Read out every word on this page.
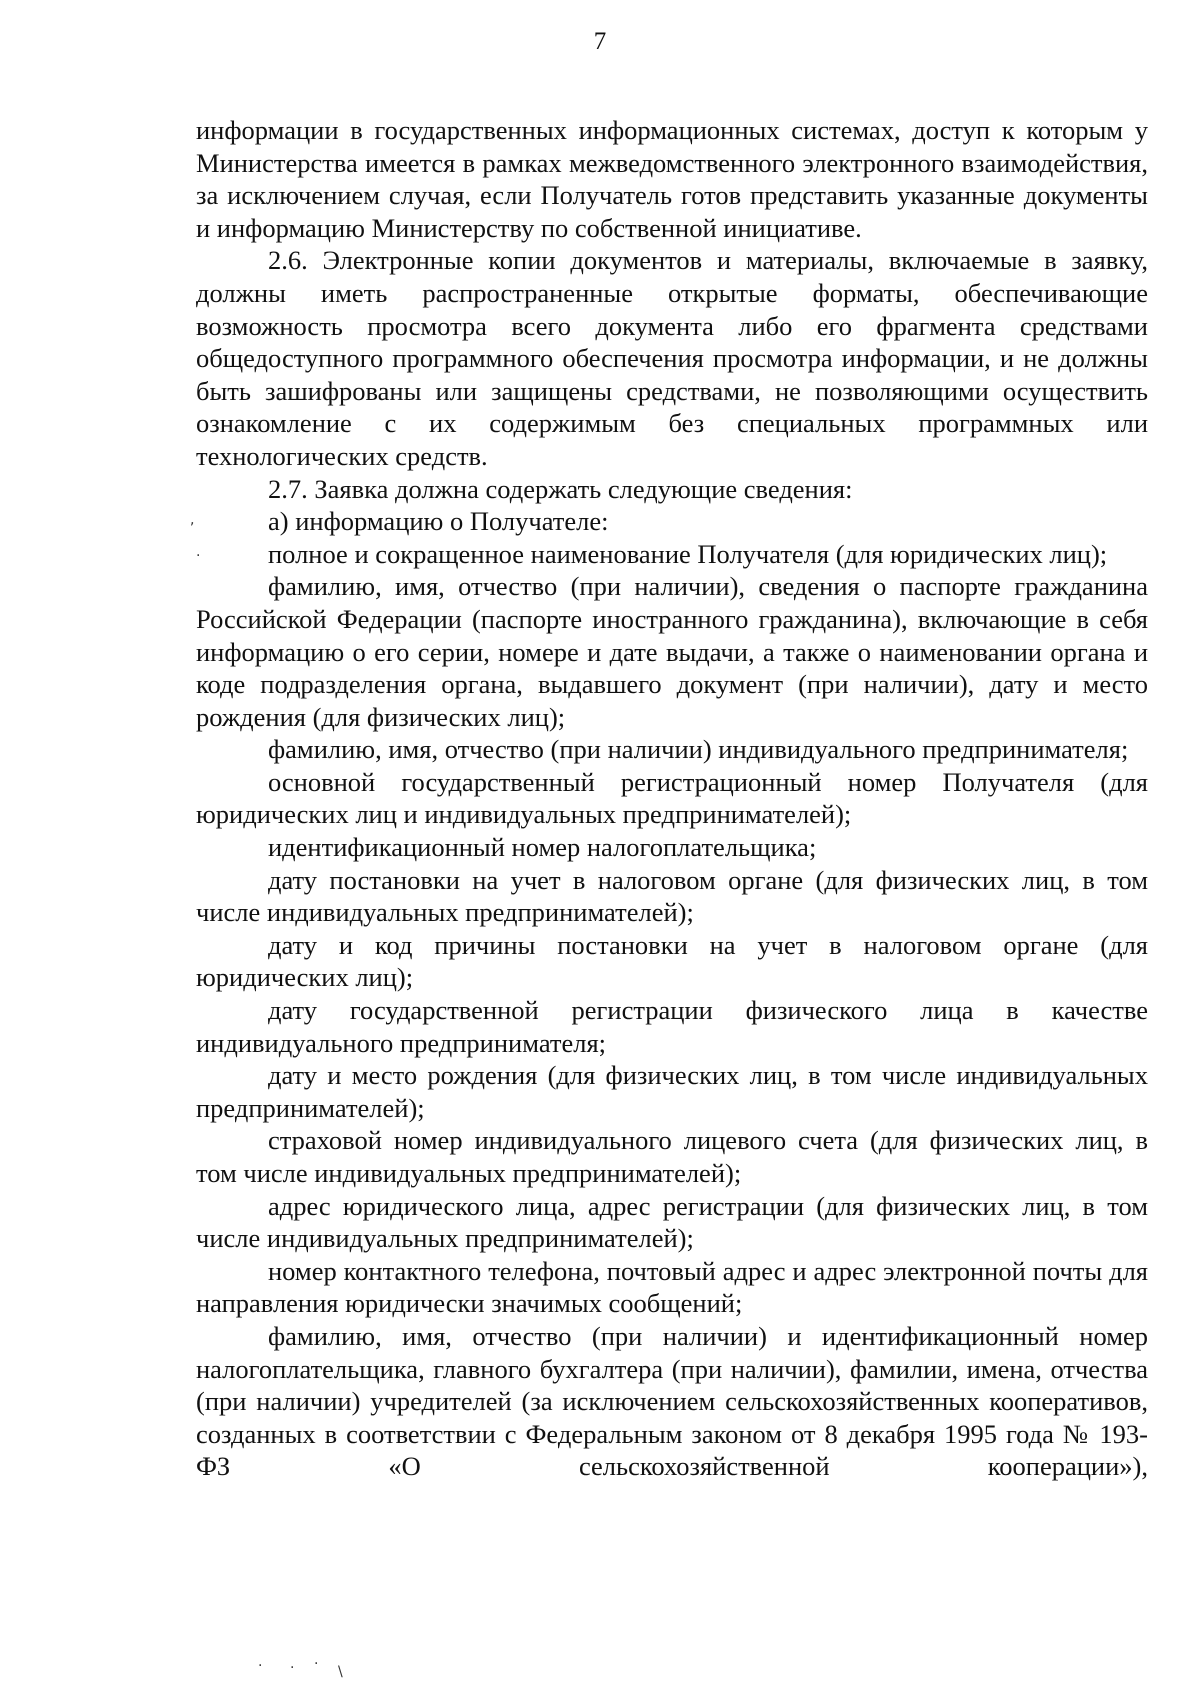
7

информации в государственных информационных системах, доступ к которым у Министерства имеется в рамках межведомственного электронного взаимодействия, за исключением случая, если Получатель готов представить указанные документы и информацию Министерству по собственной инициативе.

2.6. Электронные копии документов и материалы, включаемые в заявку, должны иметь распространенные открытые форматы, обеспечивающие возможность просмотра всего документа либо его фрагмента средствами общедоступного программного обеспечения просмотра информации, и не должны быть зашифрованы или защищены средствами, не позволяющими осуществить ознакомление с их содержимым без специальных программных или технологических средств.

2.7. Заявка должна содержать следующие сведения:

а) информацию о Получателе:

полное и сокращенное наименование Получателя (для юридических лиц);

фамилию, имя, отчество (при наличии), сведения о паспорте гражданина Российской Федерации (паспорте иностранного гражданина), включающие в себя информацию о его серии, номере и дате выдачи, а также о наименовании органа и коде подразделения органа, выдавшего документ (при наличии), дату и место рождения (для физических лиц);

фамилию, имя, отчество (при наличии) индивидуального предпринимателя;

основной государственный регистрационный номер Получателя (для юридических лиц и индивидуальных предпринимателей);

идентификационный номер налогоплательщика;

дату постановки на учет в налоговом органе (для физических лиц, в том числе индивидуальных предпринимателей);

дату и код причины постановки на учет в налоговом органе (для юридических лиц);

дату государственной регистрации физического лица в качестве индивидуального предпринимателя;

дату и место рождения (для физических лиц, в том числе индивидуальных предпринимателей);

страховой номер индивидуального лицевого счета (для физических лиц, в том числе индивидуальных предпринимателей);

адрес юридического лица, адрес регистрации (для физических лиц, в том числе индивидуальных предпринимателей);

номер контактного телефона, почтовый адрес и адрес электронной почты для направления юридически значимых сообщений;

фамилию, имя, отчество (при наличии) и идентификационный номер налогоплательщика, главного бухгалтера (при наличии), фамилии, имена, отчества (при наличии) учредителей (за исключением сельскохозяйственных кооперативов, созданных в соответствии с Федеральным законом от 8 декабря 1995 года № 193-ФЗ «О сельскохозяйственной кооперации»),

,
·
· · · \
